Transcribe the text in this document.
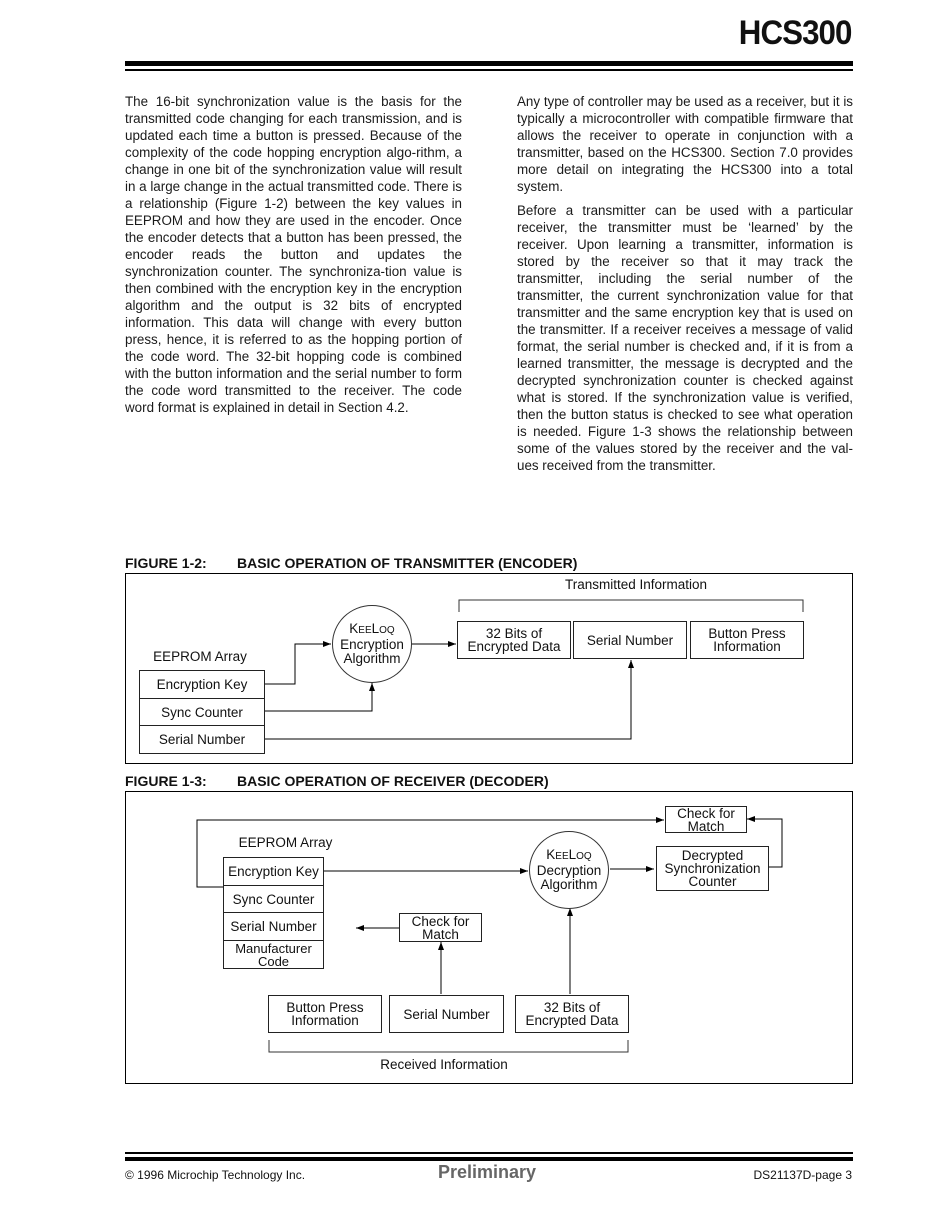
HCS300

The 16-bit synchronization value is the basis for the transmitted code changing for each transmission, and is updated each time a button is pressed. Because of the complexity of the code hopping encryption algo-rithm, a change in one bit of the synchronization value will result in a large change in the actual transmitted code. There is a relationship (Figure 1-2) between the key values in EEPROM and how they are used in the encoder. Once the encoder detects that a button has been pressed, the encoder reads the button and updates the synchronization counter. The synchroniza-tion value is then combined with the encryption key in the encryption algorithm and the output is 32 bits of encrypted information. This data will change with every button press, hence, it is referred to as the hopping portion of the code word. The 32-bit hopping code is combined with the button information and the serial number to form the code word transmitted to the receiver. The code word format is explained in detail in Section 4.2.

Any type of controller may be used as a receiver, but it is typically a microcontroller with compatible firmware that allows the receiver to operate in conjunction with a transmitter, based on the HCS300. Section 7.0 provides more detail on integrating the HCS300 into a total system.

Before a transmitter can be used with a particular receiver, the transmitter must be ‘learned’ by the receiver. Upon learning a transmitter, information is stored by the receiver so that it may track the transmitter, including the serial number of the transmitter, the current synchronization value for that transmitter and the same encryption key that is used on the transmitter. If a receiver receives a message of valid format, the serial number is checked and, if it is from a learned transmitter, the message is decrypted and the decrypted synchronization counter is checked against what is stored. If the synchronization value is verified, then the button status is checked to see what operation is needed. Figure 1-3 shows the relationship between some of the values stored by the receiver and the val-ues received from the transmitter.

FIGURE 1-2: BASIC OPERATION OF TRANSMITTER (ENCODER)
Transmitted Information
EEPROM Array
Encryption Key
Sync Counter
Serial Number
KEELOQ
Encryption
Algorithm
32 Bits of
Encrypted Data Serial Number	Button Press
Information
FIGURE 1-3: BASIC OPERATION OF RECEIVER (DECODER)
EEPROM Array
Encryption Key
Sync Counter
Serial Number
Manufacturer Code
Check for
Match
KEELOQ
Decryption
Algorithm
Check for
Match
Decrypted
Synchronization
Counter
Button Press
Information	Serial Number	32 Bits of
Encrypted Data
Received Information
© 1996 Microchip Technology Inc.	Preliminary	DS21137D-page 3
